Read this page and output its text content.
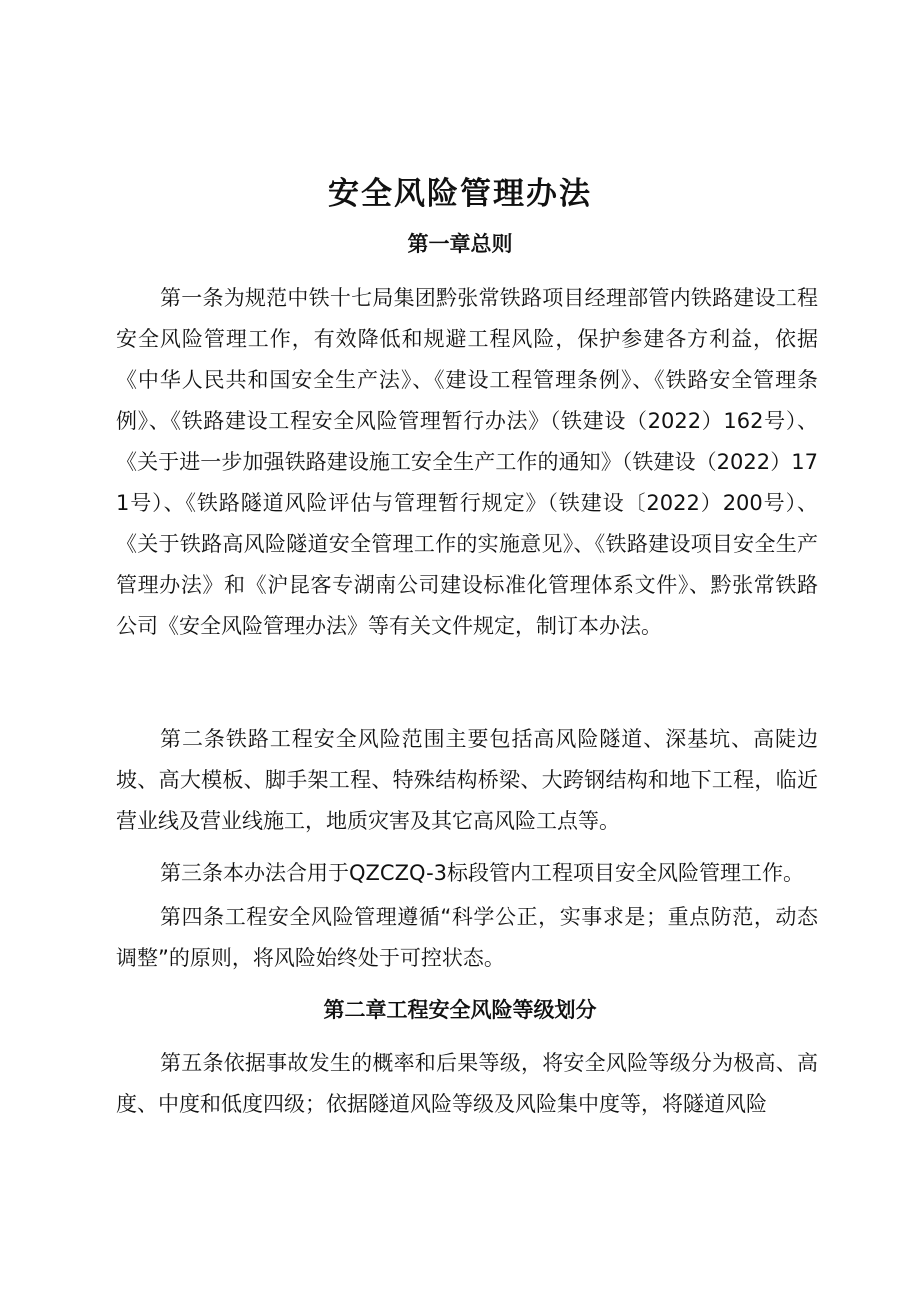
安全风险管理办法
第一章总则

第一条为规范中铁十七局集团黔张常铁路项目经理部管内铁路建设工程安全风险管理工作，有效降低和规避工程风险，保护参建各方利益，依据《中华人民共和国安全生产法》、《建设工程管理条例》、《铁路安全管理条例》、《铁路建设工程安全风险管理暂行办法》（铁建设（2022）162号）、《关于进一步加强铁路建设施工安全生产工作的通知》（铁建设（2022）171号）、《铁路隧道风险评估与管理暂行规定》（铁建设〔2022）200号）、《关于铁路高风险隧道安全管理工作的实施意见》、《铁路建设项目安全生产管理办法》和《沪昆客专湖南公司建设标准化管理体系文件》、黔张常铁路公司《安全风险管理办法》等有关文件规定，制订本办法。

第二条铁路工程安全风险范围主要包括高风险隧道、深基坑、高陡边坡、高大模板、脚手架工程、特殊结构桥梁、大跨钢结构和地下工程，临近营业线及营业线施工，地质灾害及其它高风险工点等。

第三条本办法合用于QZCZQ-3标段管内工程项目安全风险管理工作。

第四条工程安全风险管理遵循“科学公正，实事求是；重点防范，动态调整”的原则，将风险始终处于可控状态。

第二章工程安全风险等级划分

第五条依据事故发生的概率和后果等级，将安全风险等级分为极高、高度、中度和低度四级；依据隧道风险等级及风险集中度等，将隧道风险
